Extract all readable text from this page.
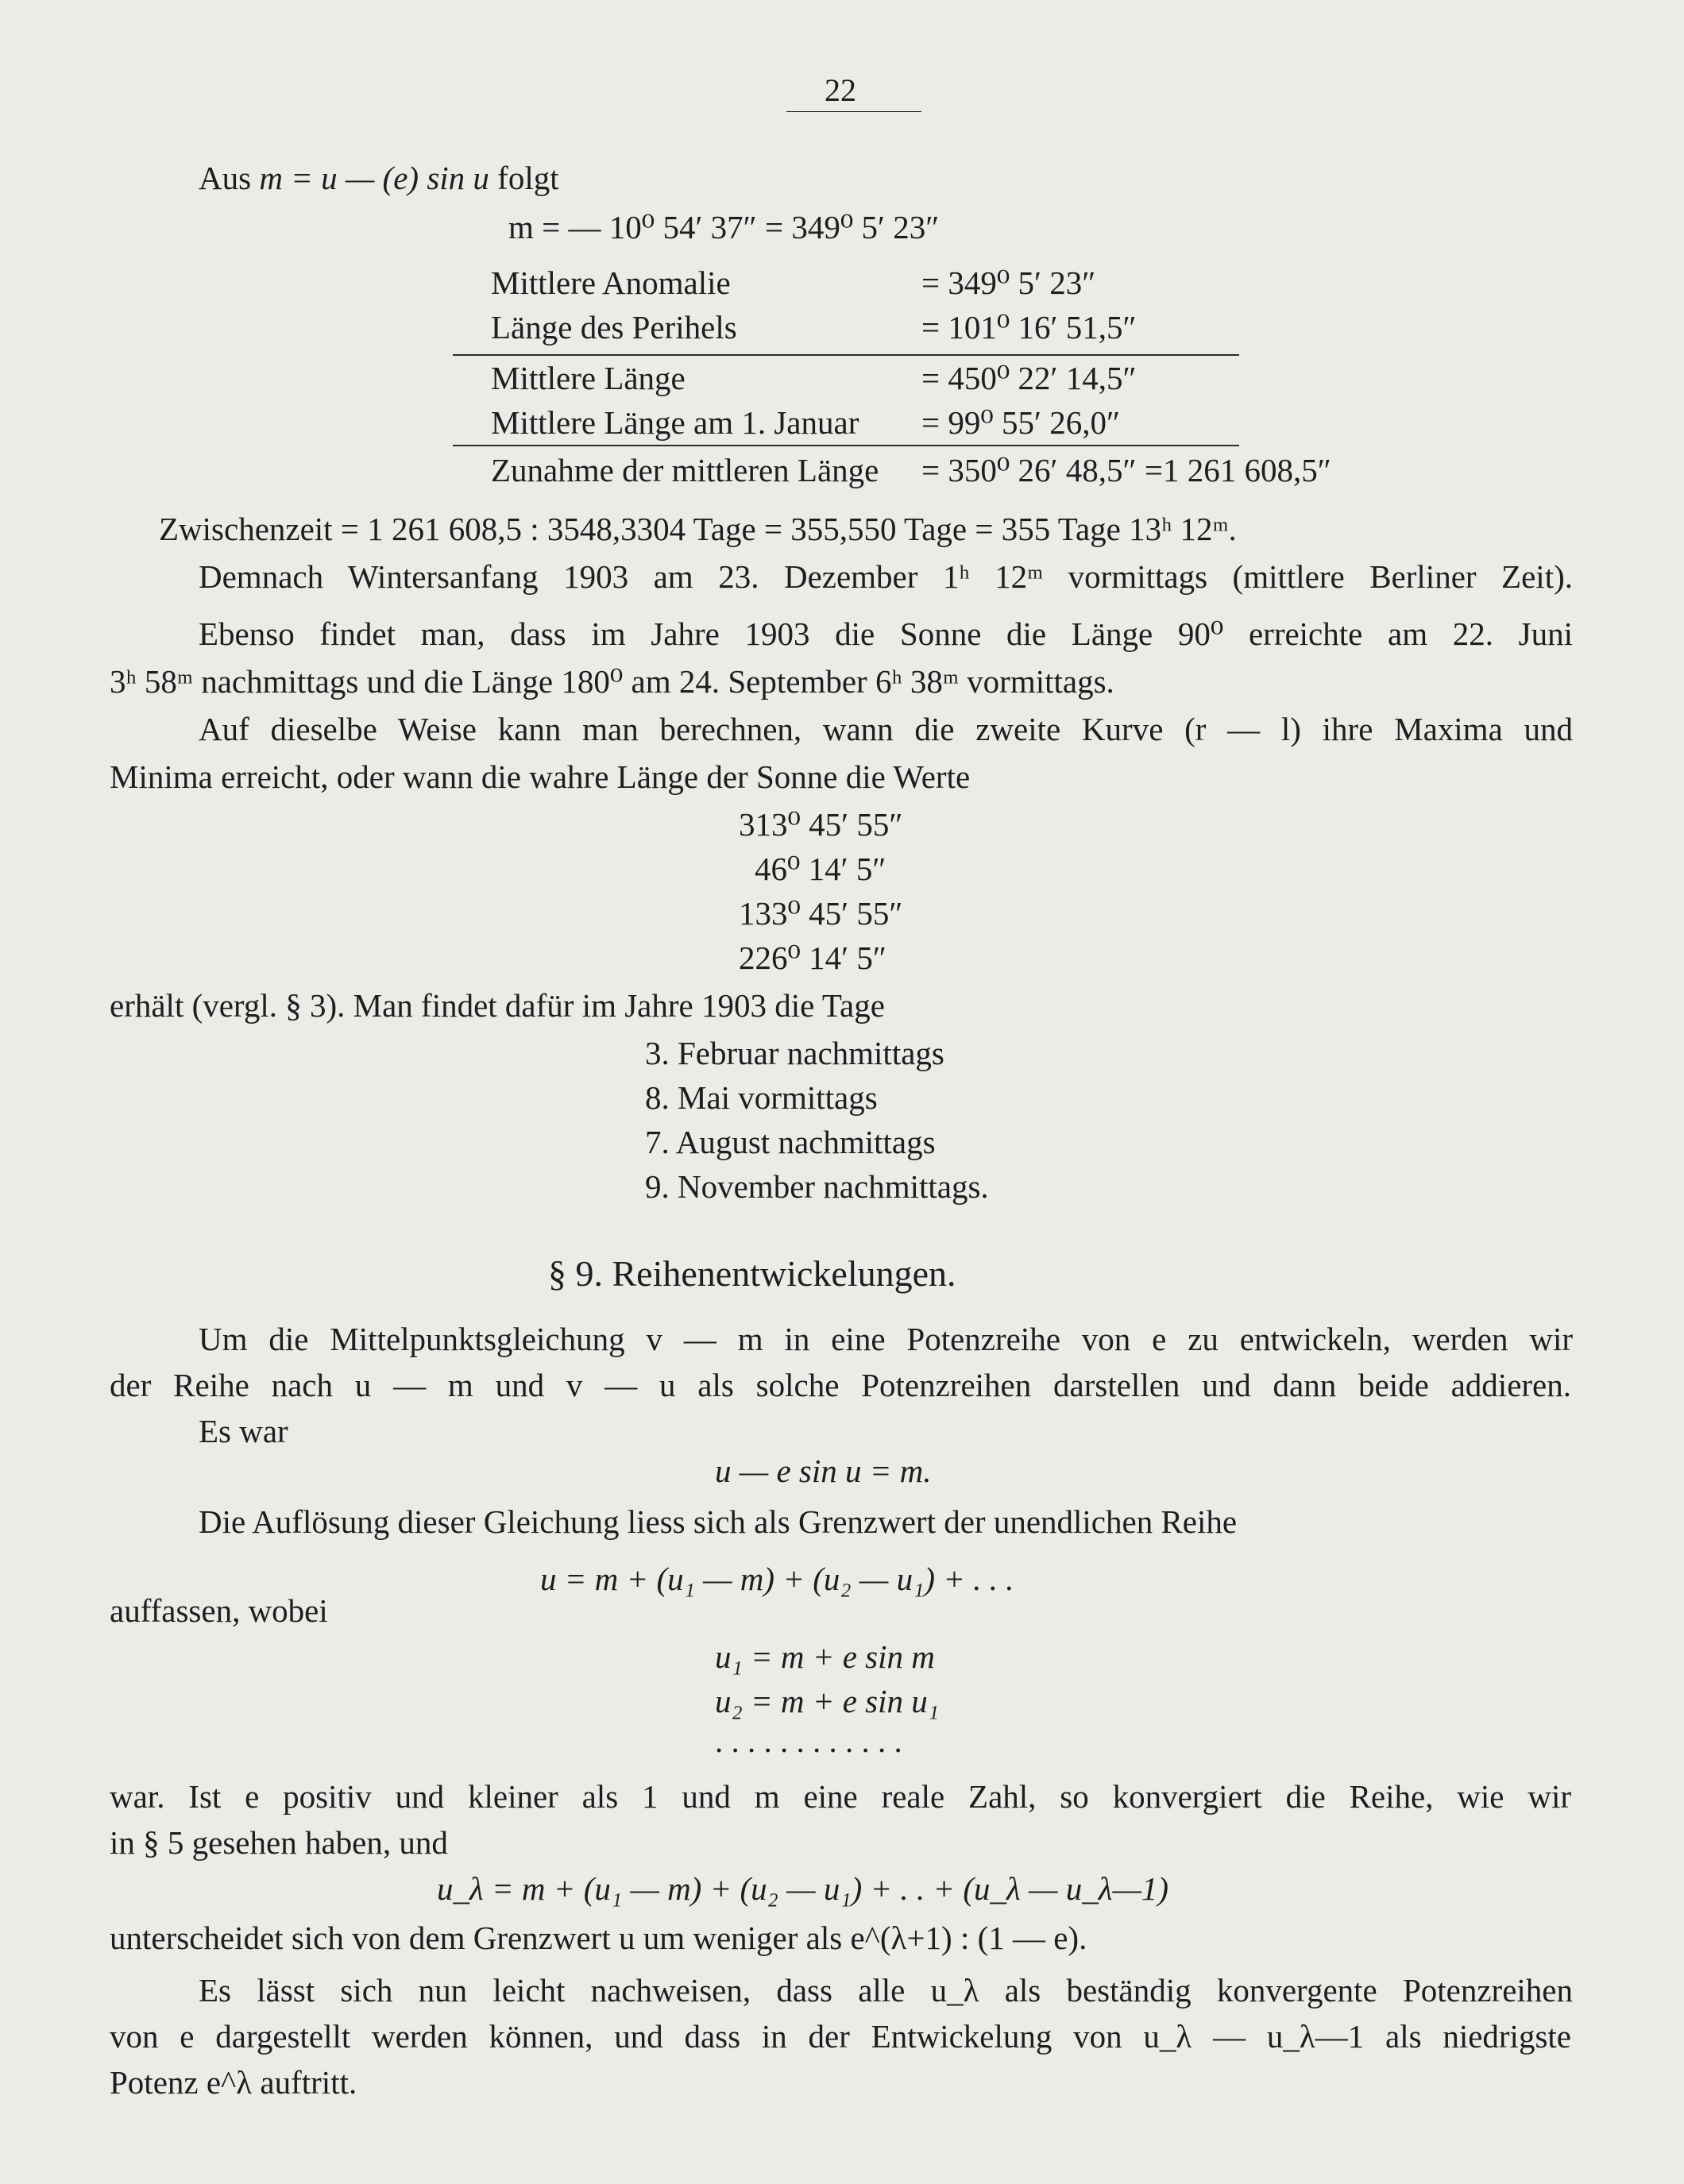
22
Aus m = u — (e) sin u folgt
m = — 10⁰ 54′ 37″ = 349⁰ 5′ 23″
Mittlere Anomalie	= 349⁰ 5′ 23″
Länge des Perihels	= 101⁰ 16′ 51,5″
Mittlere Länge	= 450⁰ 22′ 14,5″
Mittlere Länge am 1. Januar = 99⁰ 55′ 26,0″
Zunahme der mittleren Länge = 350⁰ 26′ 48,5″ =1 261 608,5″
Zwischenzeit = 1 261 608,5 : 3548,3304 Tage = 355,550 Tage = 355 Tage 13ʰ 12ᵐ.
Demnach Wintersanfang 1903 am 23. Dezember 1ʰ 12ᵐ vormittags (mittlere Berliner Zeit).
Ebenso findet man, dass im Jahre 1903 die Sonne die Länge 90⁰ erreichte am 22. Juni
3ʰ 58ᵐ nachmittags und die Länge 180⁰ am 24. September 6ʰ 38ᵐ vormittags.
Auf dieselbe Weise kann man berechnen, wann die zweite Kurve (r — l) ihre Maxima und
Minima erreicht, oder wann die wahre Länge der Sonne die Werte
313⁰ 45′ 55″
46⁰ 14′ 5″
133⁰ 45′ 55″
226⁰ 14′ 5″
erhält (vergl. § 3). Man findet dafür im Jahre 1903 die Tage
3. Februar nachmittags
8. Mai vormittags
7. August nachmittags
9. November nachmittags.
§ 9. Reihenentwickelungen.
Um die Mittelpunktsgleichung v — m in eine Potenzreihe von e zu entwickeln, werden wir
der Reihe nach u — m und v — u als solche Potenzreihen darstellen und dann beide addieren.
Es war
u — e sin u = m.
Die Auflösung dieser Gleichung liess sich als Grenzwert der unendlichen Reihe
u = m + (u₁ — m) + (u₂ — u₁) + . . .
auffassen, wobei
u₁ = m + e sin m
u₂ = m + e sin u₁
. . . . . . . . . . . .
war. Ist e positiv und kleiner als 1 und m eine reale Zahl, so konvergiert die Reihe, wie wir
in § 5 gesehen haben, und
u_λ = m + (u₁ — m) + (u₂ — u₁) + . . + (u_λ — u_λ—1)
unterscheidet sich von dem Grenzwert u um weniger als e^(λ+1) : (1 — e).
Es lässt sich nun leicht nachweisen, dass alle u_λ als beständig konvergente Potenzreihen
von e dargestellt werden können, und dass in der Entwickelung von u_λ — u_λ—1 als niedrigste
Potenz e^λ auftritt.
